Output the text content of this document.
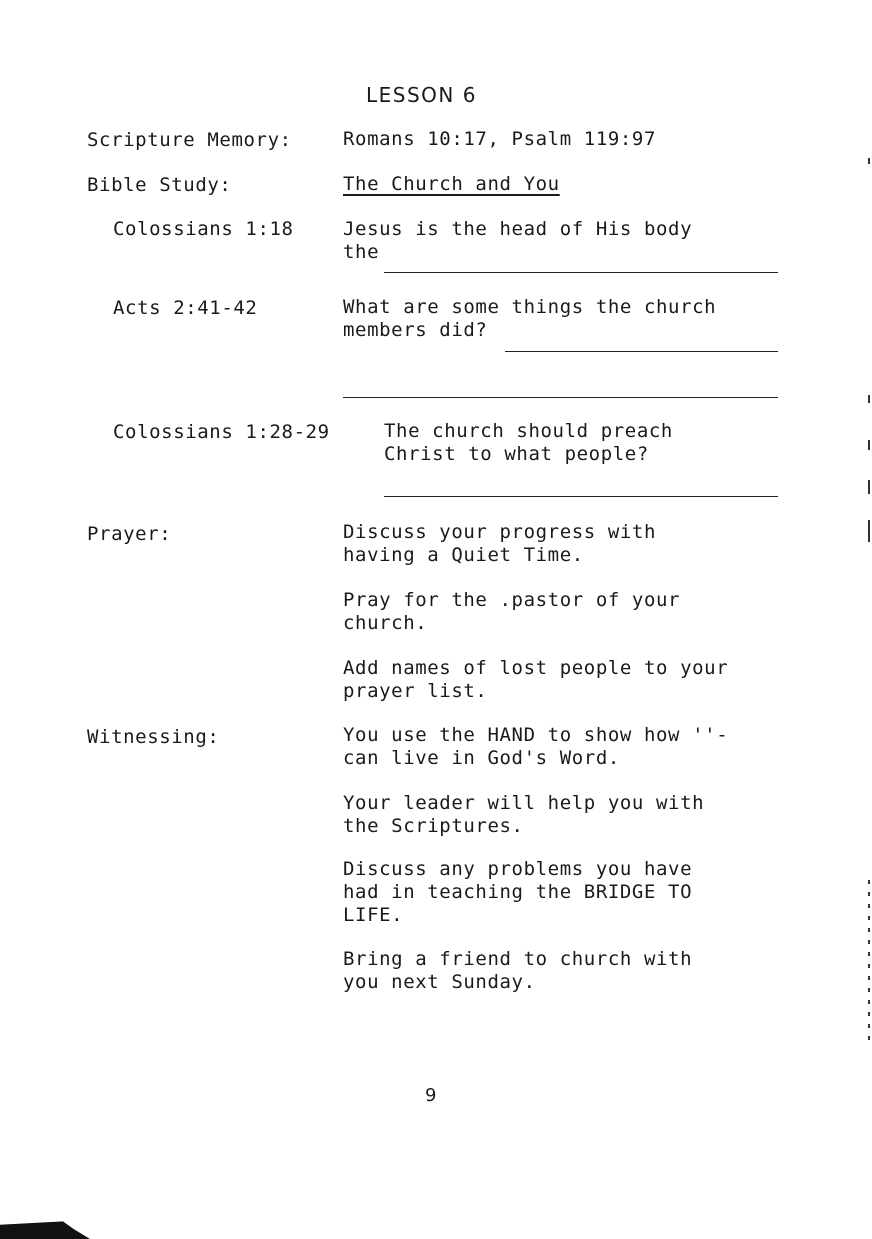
LESSON 6
Scripture Memory:	Romans 10:17, Psalm 119:97
Bible Study:	The Church and You
Colossians 1:18	Jesus is the head of His body
the
Acts 2:41-42	What are some things the church
members did?
Colossians 1:28-29	The church should preach
Christ to what people?
Prayer:	Discuss your progress with
having a Quiet Time.
Pray for the .pastor of your
church.
Add names of lost people to your
prayer list.
Witnessing:	You use the HAND to show how ''-
can live in God's Word.
Your leader will help you with
the Scriptures.
Discuss any problems you have
had in teaching the BRIDGE TO
LIFE.
Bring a friend to church with
you next Sunday.
9
